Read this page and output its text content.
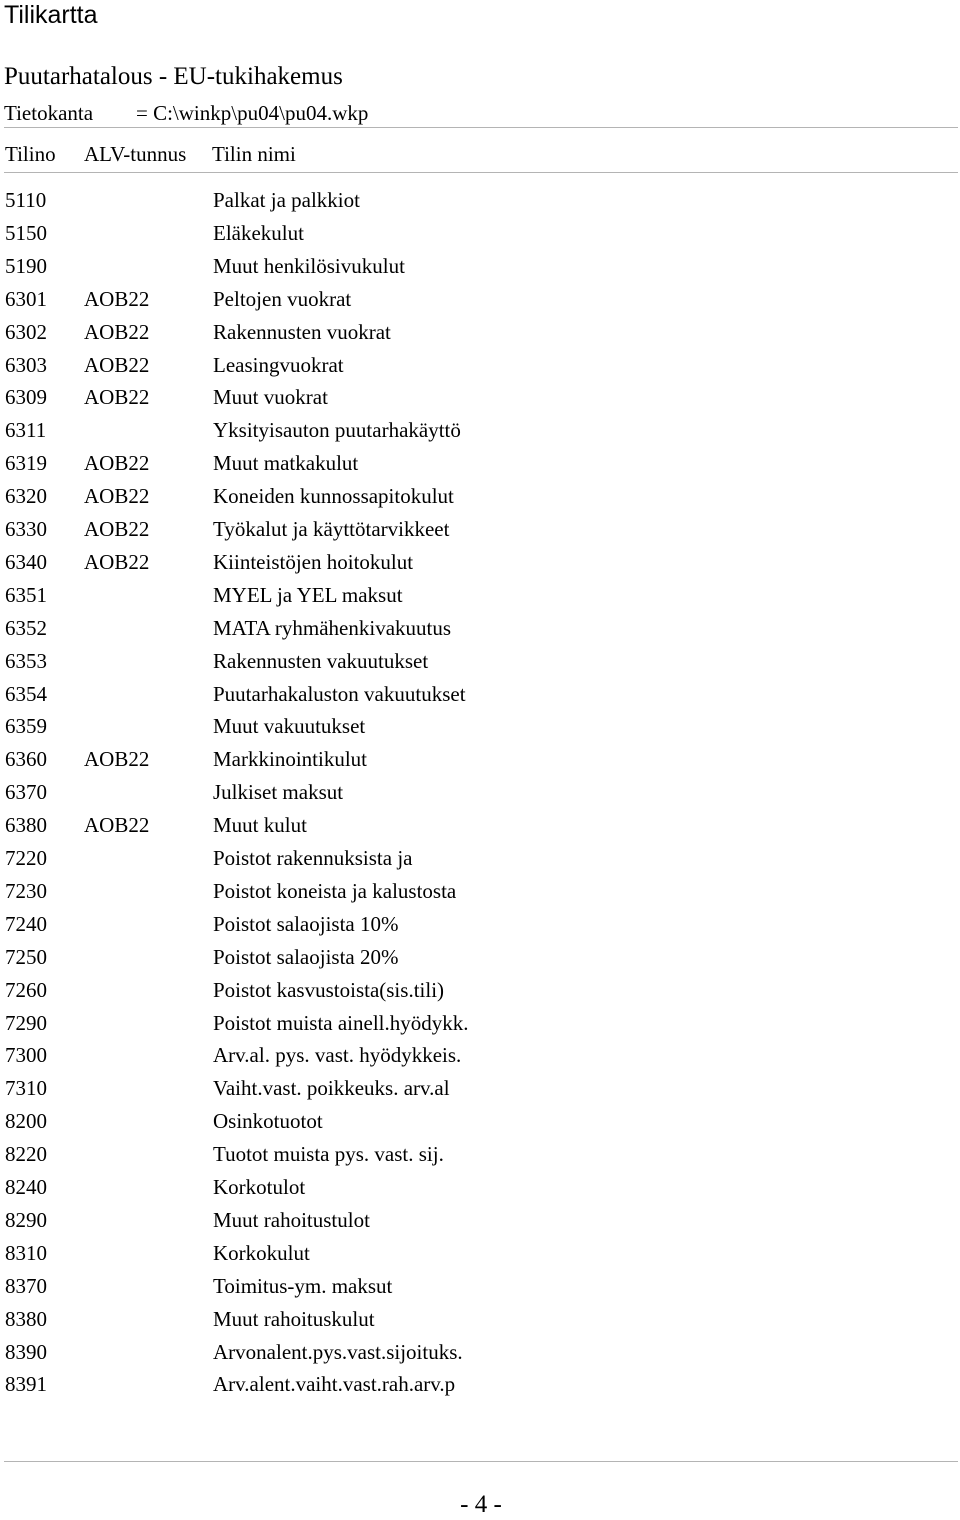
Tilikartta
Puutarhatalous - EU-tukihakemus
Tietokanta = C:\winkp\pu04\pu04.wkp
Tilino ALV-tunnus Tilin nimi
5110	Palkat ja palkkiot
5150	Eläkekulut
5190	Muut henkilösivukulut
6301 AOB22	Peltojen vuokrat
6302 AOB22	Rakennusten vuokrat
6303 AOB22	Leasingvuokrat
6309 AOB22	Muut vuokrat
6311	Yksityisauton puutarhakäyttö
6319 AOB22	Muut matkakulut
6320 AOB22	Koneiden kunnossapitokulut
6330 AOB22	Työkalut ja käyttötarvikkeet
6340 AOB22	Kiinteistöjen hoitokulut
6351	MYEL ja YEL maksut
6352	MATA ryhmähenkivakuutus
6353	Rakennusten vakuutukset
6354	Puutarhakaluston vakuutukset
6359	Muut vakuutukset
6360 AOB22	Markkinointikulut
6370	Julkiset maksut
6380 AOB22	Muut kulut
7220	Poistot rakennuksista ja
7230	Poistot koneista ja kalustosta
7240	Poistot salaojista 10%
7250	Poistot salaojista 20%
7260	Poistot kasvustoista(sis.tili)
7290	Poistot muista ainell.hyödykk.
7300	Arv.al. pys. vast. hyödykkeis.
7310	Vaiht.vast. poikkeuks. arv.al
8200	Osinkotuotot
8220	Tuotot muista pys. vast. sij.
8240	Korkotulot
8290	Muut rahoitustulot
8310	Korkokulut
8370	Toimitus-ym. maksut
8380	Muut rahoituskulut
8390	Arvonalent.pys.vast.sijoituks.
8391	Arv.alent.vaiht.vast.rah.arv.p
- 4 -
